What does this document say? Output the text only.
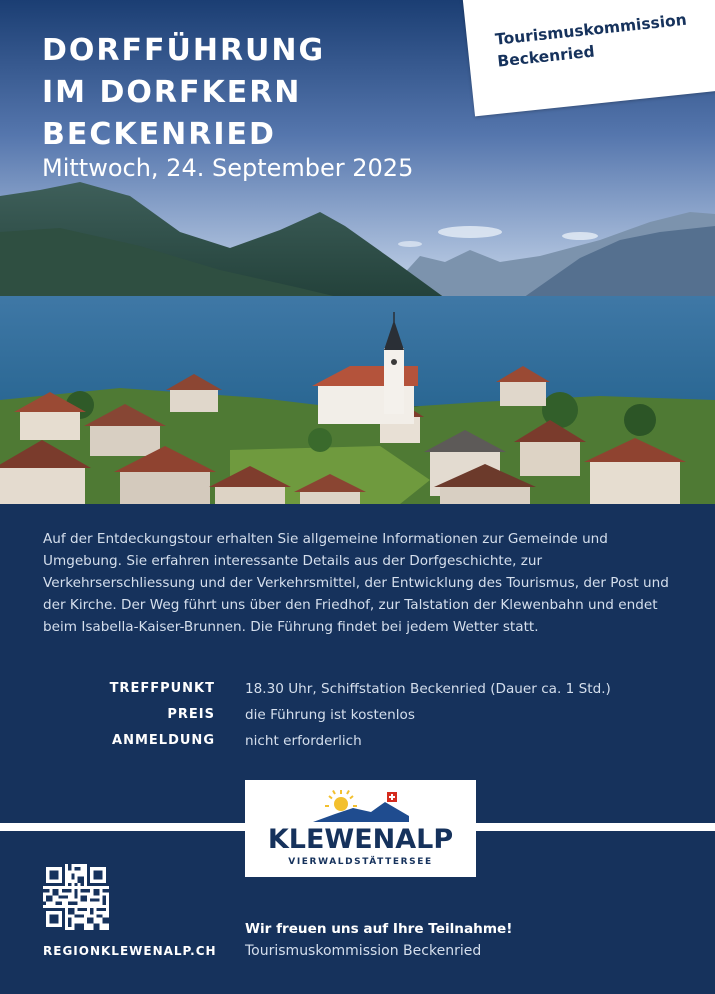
DORFFÜHRUNG
IM DORFKERN
BECKENRIED
Mittwoch, 24. September 2025
Tourismuskommission
Beckenried

Auf der Entdeckungstour erhalten Sie allgemeine Informationen zur Gemeinde und Umgebung. Sie erfahren interessante Details aus der Dorfgeschichte, zur Verkehrserschliessung und der Verkehrsmittel, der Entwicklung des Tourismus, der Post und der Kirche. Der Weg führt uns über den Friedhof, zur Talstation der Klewenbahn und endet beim Isabella-Kaiser-Brunnen. Die Führung findet bei jedem Wetter statt.

TREFFPUNKT 18.30 Uhr, Schiffstation Beckenried (Dauer ca. 1 Std.)
PREIS die Führung ist kostenlos
ANMELDUNG nicht erforderlich
KLEWENALP
VIERWALDSTÄTTERSEE
REGIONKLEWENALP.CH
Wir freuen uns auf Ihre Teilnahme!
Tourismuskommission Beckenried
